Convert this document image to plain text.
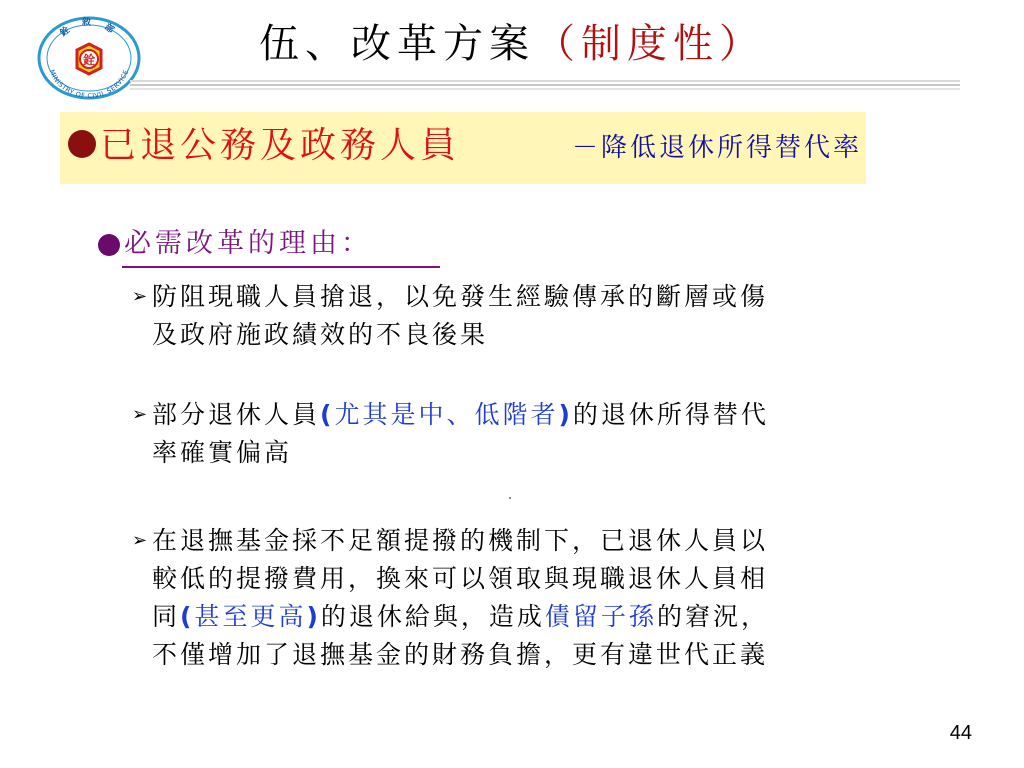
銓 敘 部
MINISTRY OF CIVIL SERVICE
銓	伍、改革方案（制度性）
已退公務及政務人員	－降低退休所得替代率
必需改革的理由：
➢ 防阻現職人員搶退，以免發生經驗傳承的斷層或傷
及政府施政績效的不良後果
➢ 部分退休人員(尤其是中、低階者)的退休所得替代
率確實偏高
➢ 在退撫基金採不足額提撥的機制下，已退休人員以
較低的提撥費用，換來可以領取與現職退休人員相
同(甚至更高)的退休給與，造成債留子孫的窘況，
不僅增加了退撫基金的財務負擔，更有違世代正義
44
